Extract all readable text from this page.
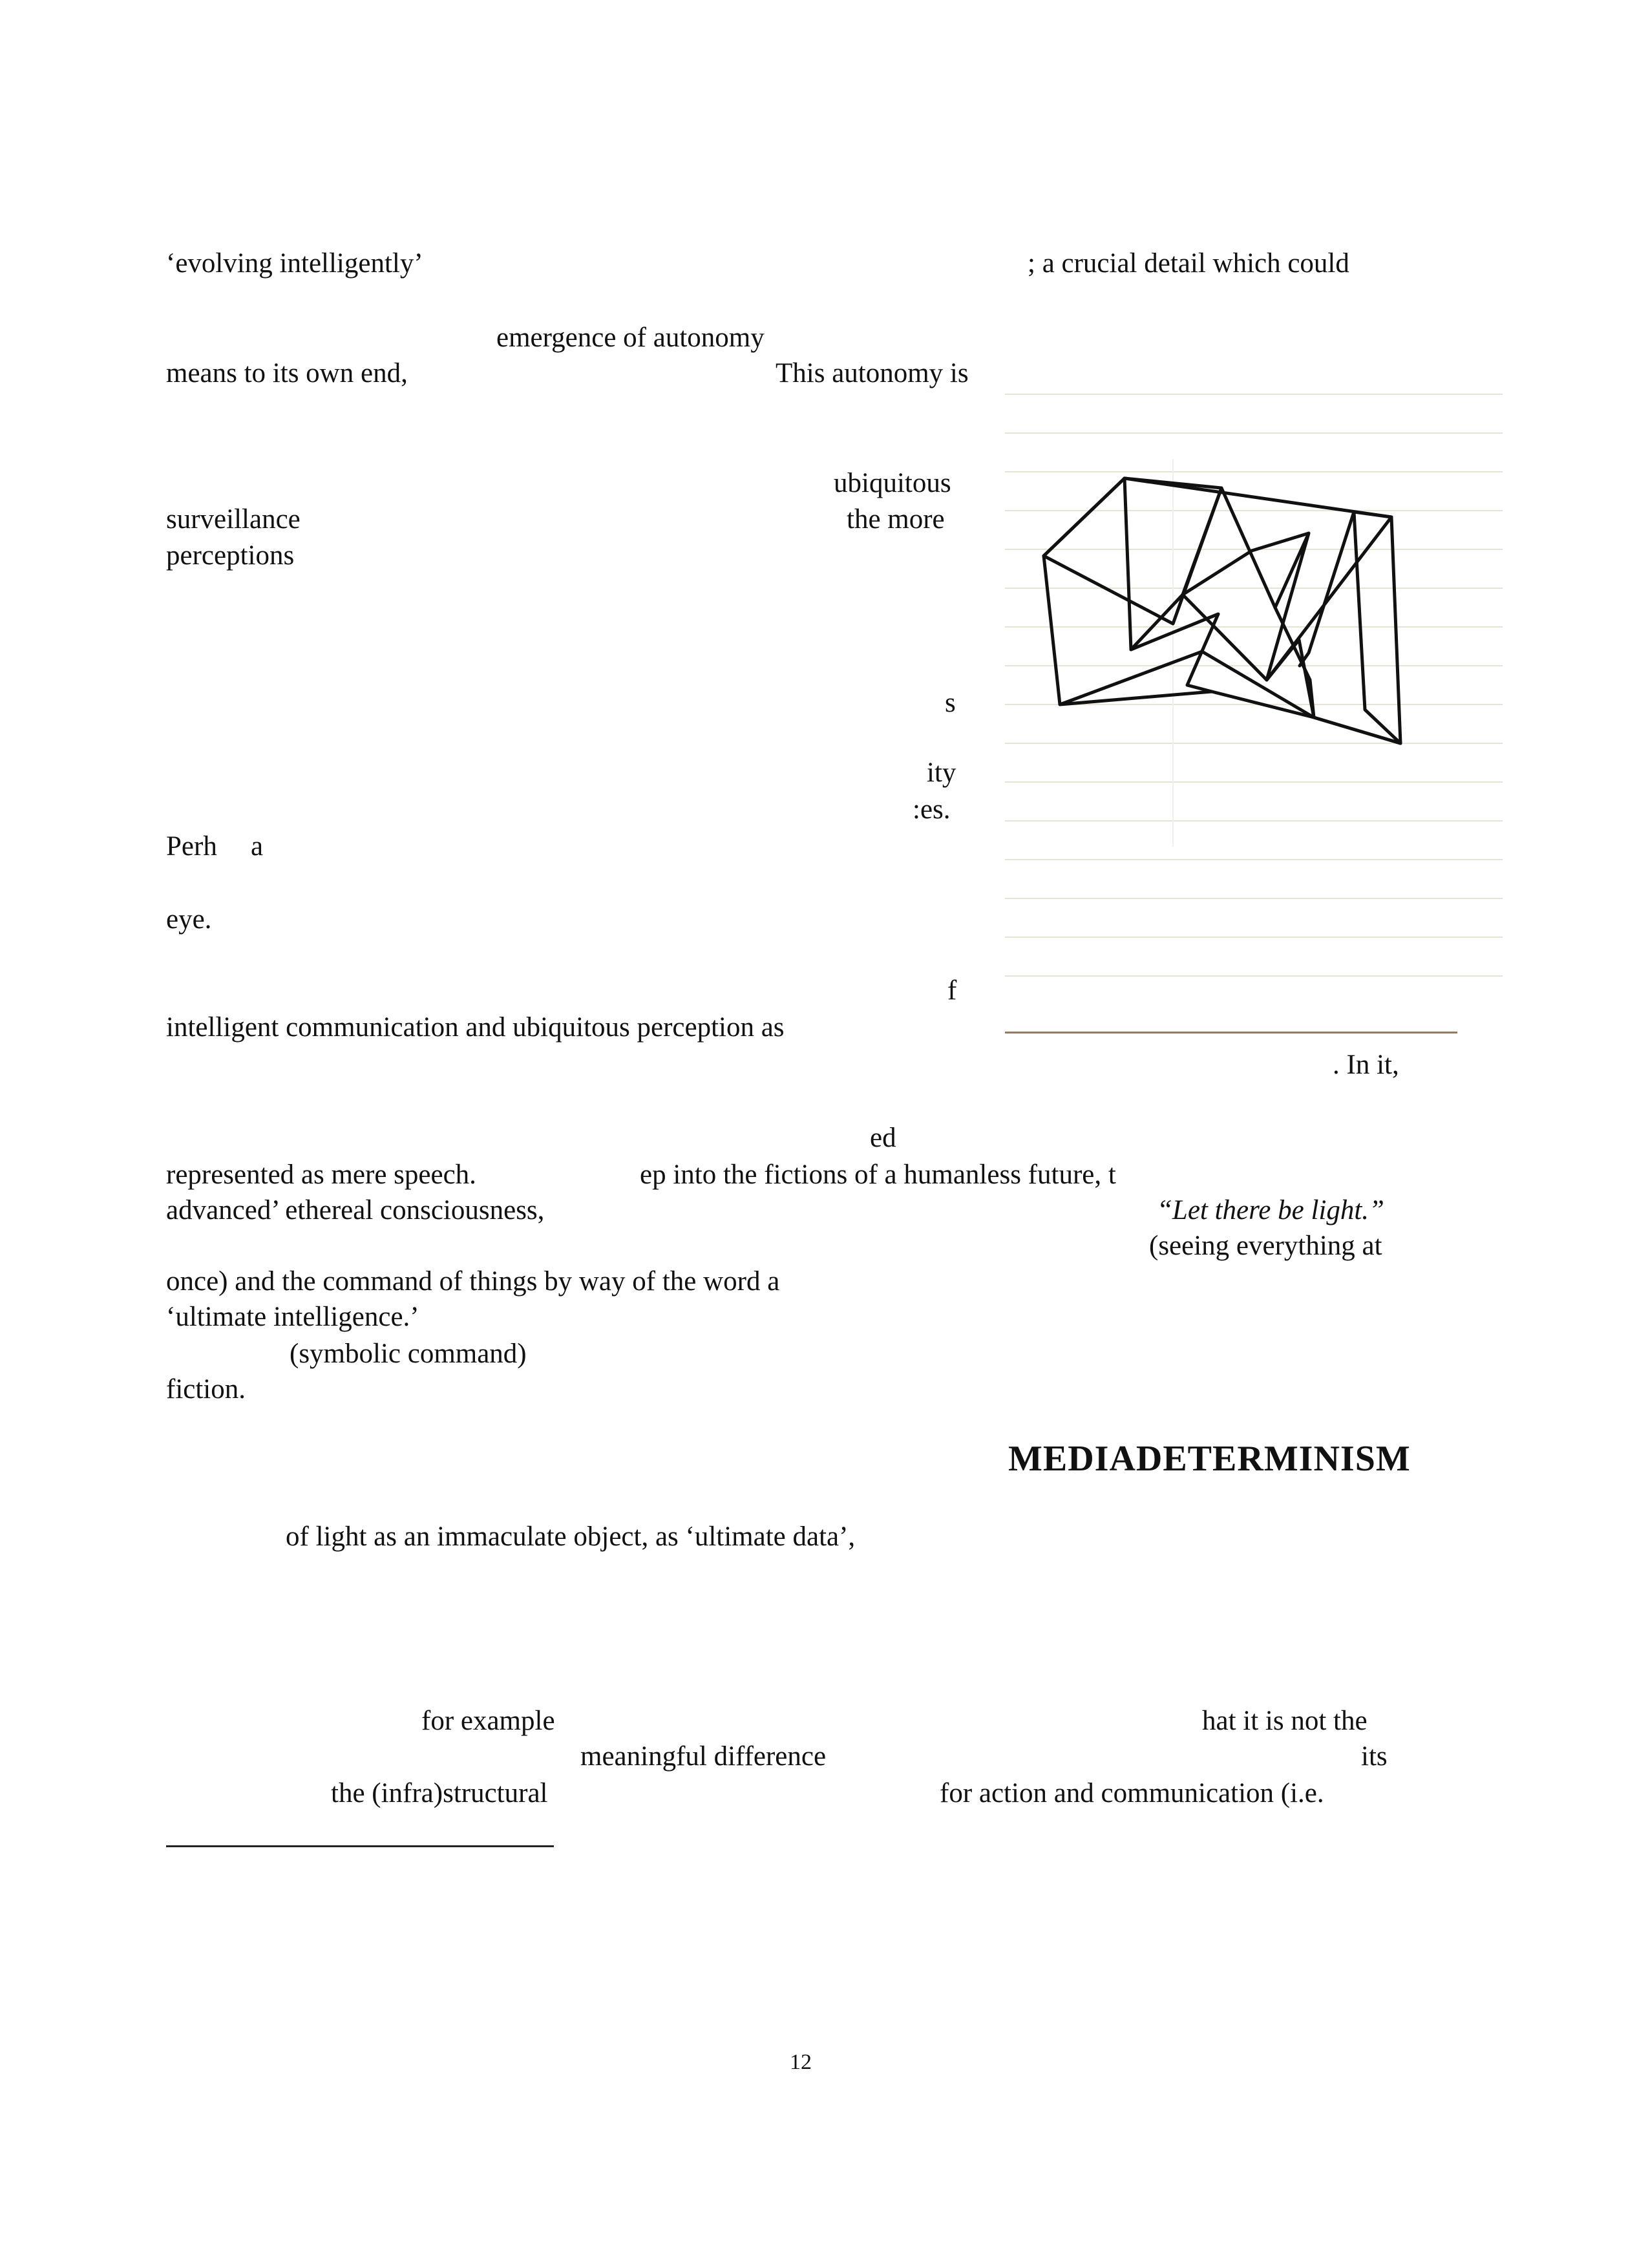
‘evolving intelligently’	; a crucial detail which could
emergence of autonomy
means to its own end,	This autonomy is
ubiquitous
surveillance	the more
perceptions
s
ity
:es.
Perh a
eye.
f
intelligent communication and ubiquitous perception as
. In it,
ed
represented as mere speech.	ep into the fictions of a humanless future, t
advanced’ ethereal consciousness,
(seeing everything at
once) and the command of things by way of the word a
‘ultimate intelligence.’
(symbolic command)
fiction.
of light as an immaculate object, as ‘ultimate data’,
for example	hat it is not the
meaningful difference	its
the (infra)structural	for action and communication (i.e.
“Let there be light.”
MEDIADETERMINISM
12
